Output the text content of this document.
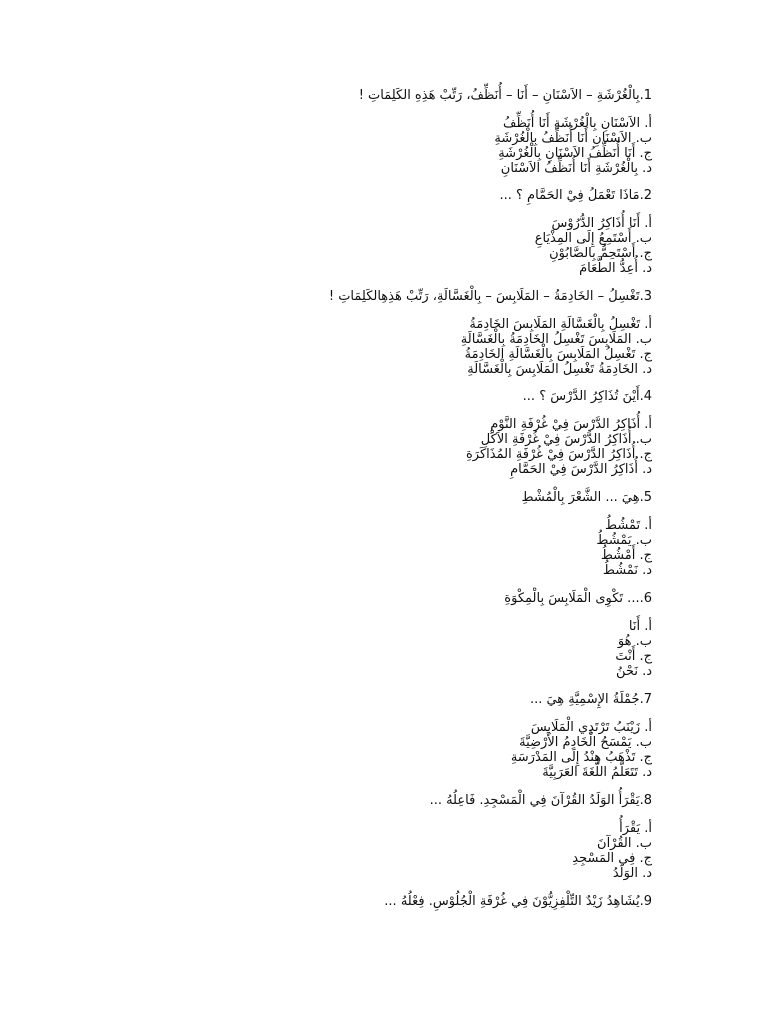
1.بِالْغُرْشَةِ – الاَسْنَانِ – أَنَا – أُنَظِّفُ، رَتِّبْ هَذِهِ الكَلِمَاتِ !
أ. الاَسْنَانِ بِالْغُرْشَةِ أَنَا أُنَظِّفُ
ب. الاَسْنَانِ أَنَا أُنَظِّفُ بِالْغُرْشَةِ
ج. أَنَا أُنَظِّفُ الاَسْنَانِ بِالْغُرْشَةِ
د. بِالْغُرْشَةِ أَنَا أُنَظِّفُ الاَسْنَانِ
2.مَاذَا تَعْمَلُ فِيْ الحَمَّامِ ؟ ...
أ. أَنَا أُذَاكِرُ الدُّرُوْسَ
ب. أَسْتَمِعُ إِلَى المِذْيَاعِ
ج. أَسْتَحِمُّ بِالصَّابُوْنِ
د. أُعِدُّ الطَّعَامَ
3.تَغْسِلُ – الخَادِمَةُ – المَلَابِسَ – بِالْغَسَّالَةِ، رَتِّبْ هَذِهِالكَلِمَاتِ !
أ. تَغْسِلُ بِالْغَسَّالَةِ المَلَابِسَ الخَادِمَةُ
ب. المَلَابِسَ تَغْسِلُ الخَادِمَةُ بِالْغَسَّالَةِ
ج. تَغْسِلُ المَلَابِسَ بِالْغَسَّالَةِ الخَادِمَةُ
د. الخَادِمَةُ تَغْسِلُ المَلَابِسَ بِالْغَسَّالَةِ
4.أَيْنَ تُذَاكِرُ الدَّرْسَ ؟ ...
أ. أُذَاكِرُ الدَّرْسَ فِيْ غُرْفَةِ النَّوْمِ
ب. أُذَاكِرُ الدَّرْسَ فِيْ غُرْفَةِ الاَكْلِ
ج. أُذَاكِرُ الدَّرْسَ فِيْ غُرْفَةِ المُذَاكَرَةِ
د. أُذَاكِرُ الدَّرْسَ فِيْ الحَمَّامِ
5.هِيَ ... الشَّعْرَ بِالْمُشْطِ
أ. تَمْشُطُ
ب. يَمْشُطُ
ج. أَمْشُطُ
د. نَمْشُطُ
6.... تَكْوِى الْمَلَابِسَ بِالْمِكْوَةِ
أ. أَنَا
ب. هُوَ
ج. أَنْتَ
د. نَحْنُ
7.جُمْلَةُ الإِسْمِيَّةِ هِيَ ...
أ. زَيْنَبُ تَرْتَدِي الْمَلَابِسَ
ب. يَمْسَحُ الْخَادِمُ الأَرْضِيَّةَ
ج. تَذْهَبُ هِنْدُ إِلَى المَدْرَسَةِ
د. تَتَعَلَّمُ اللُّغَةَ العَرَبِيَّةَ
8.يَقْرَأُ الوَلَدُ القُرْآنَ فِي الْمَسْجِدِ. فَاعِلُهُ ...
أ. يَقْرَأُ
ب. القُرْآنَ
ج. فِي المَسْجِدِ
د. الوَلَدُ
9.يُشَاهِدُ زَيْدٌ التِّلْفِزِيُّوْنَ فِي غُرْفَةِ الْجُلُوْسِ. فِعْلُهُ ...
